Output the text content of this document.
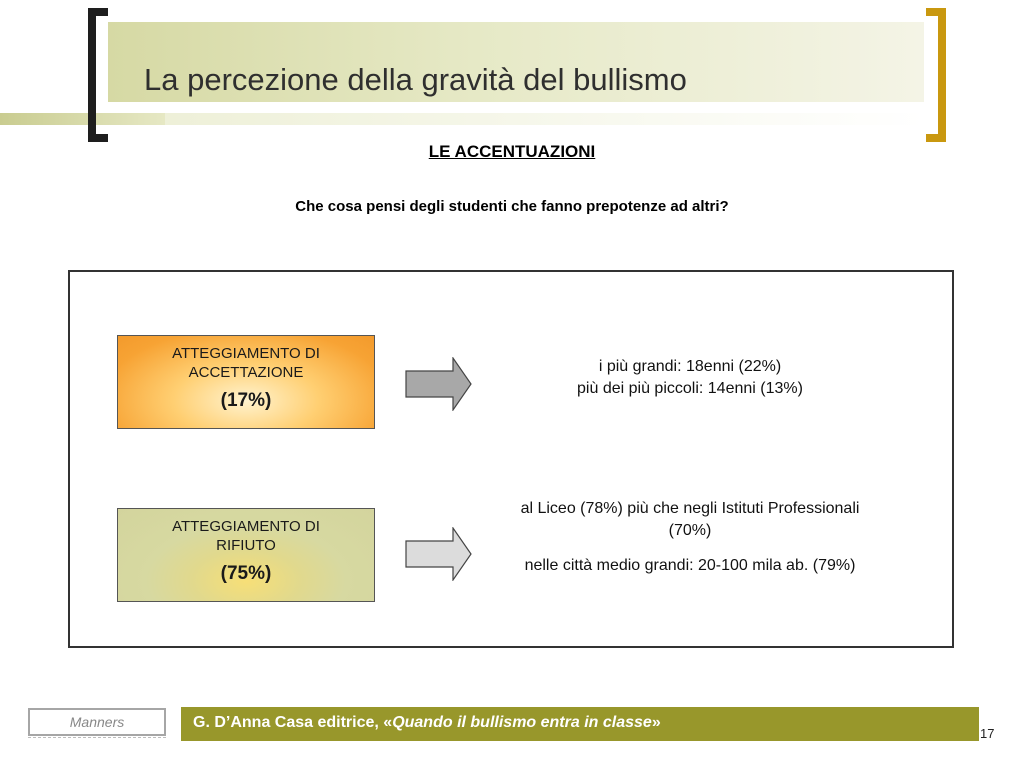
La percezione della gravità del bullismo
LE ACCENTUAZIONI
Che cosa pensi degli studenti che fanno prepotenze ad altri?
ATTEGGIAMENTO DI
ACCETTAZIONE
(17%)
i più grandi: 18enni (22%)
più dei più piccoli: 14enni (13%)
ATTEGGIAMENTO DI
RIFIUTO
(75%)
al Liceo (78%) più che negli Istituti Professionali (70%)
nelle città medio grandi: 20-100 mila ab. (79%)
Manners	G. D’Anna Casa editrice, «Quando il bullismo entra in classe»
17
